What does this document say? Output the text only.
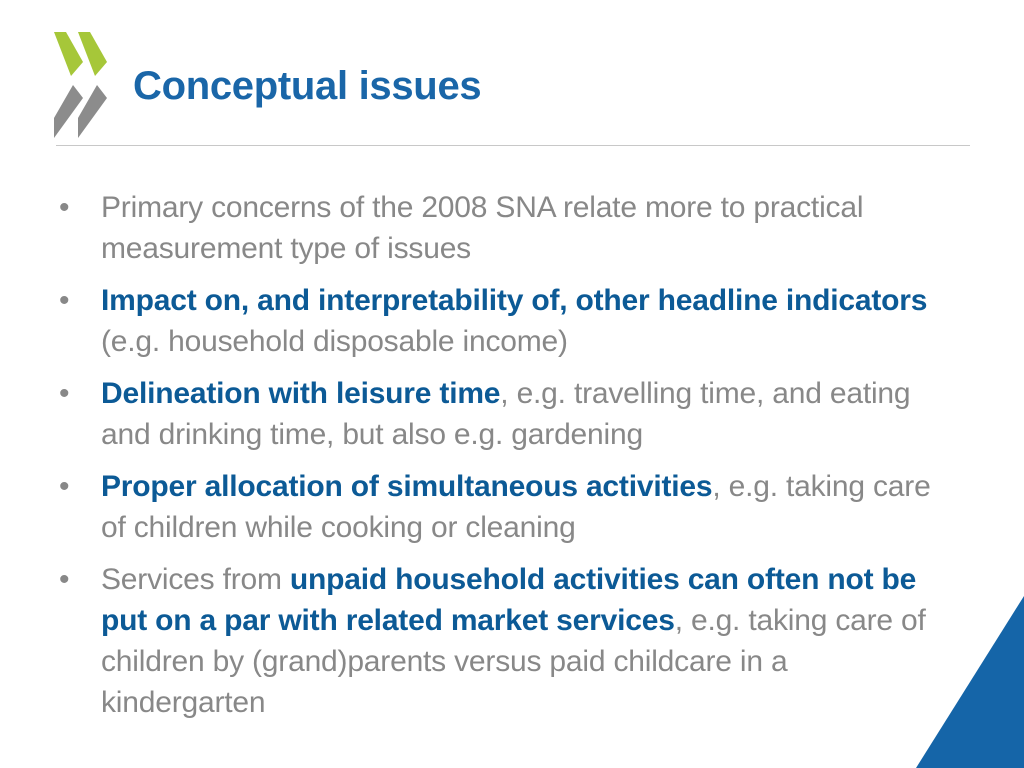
Conceptual issues
• Primary concerns of the 2008 SNA relate more to practical measurement type of issues
• Impact on, and interpretability of, other headline indicators (e.g. household disposable income)
• Delineation with leisure time, e.g. travelling time, and eating and drinking time, but also e.g. gardening
• Proper allocation of simultaneous activities, e.g. taking care of children while cooking or cleaning
• Services from unpaid household activities can often not be put on a par with related market services, e.g. taking care of children by (grand)parents versus paid childcare in a kindergarten
